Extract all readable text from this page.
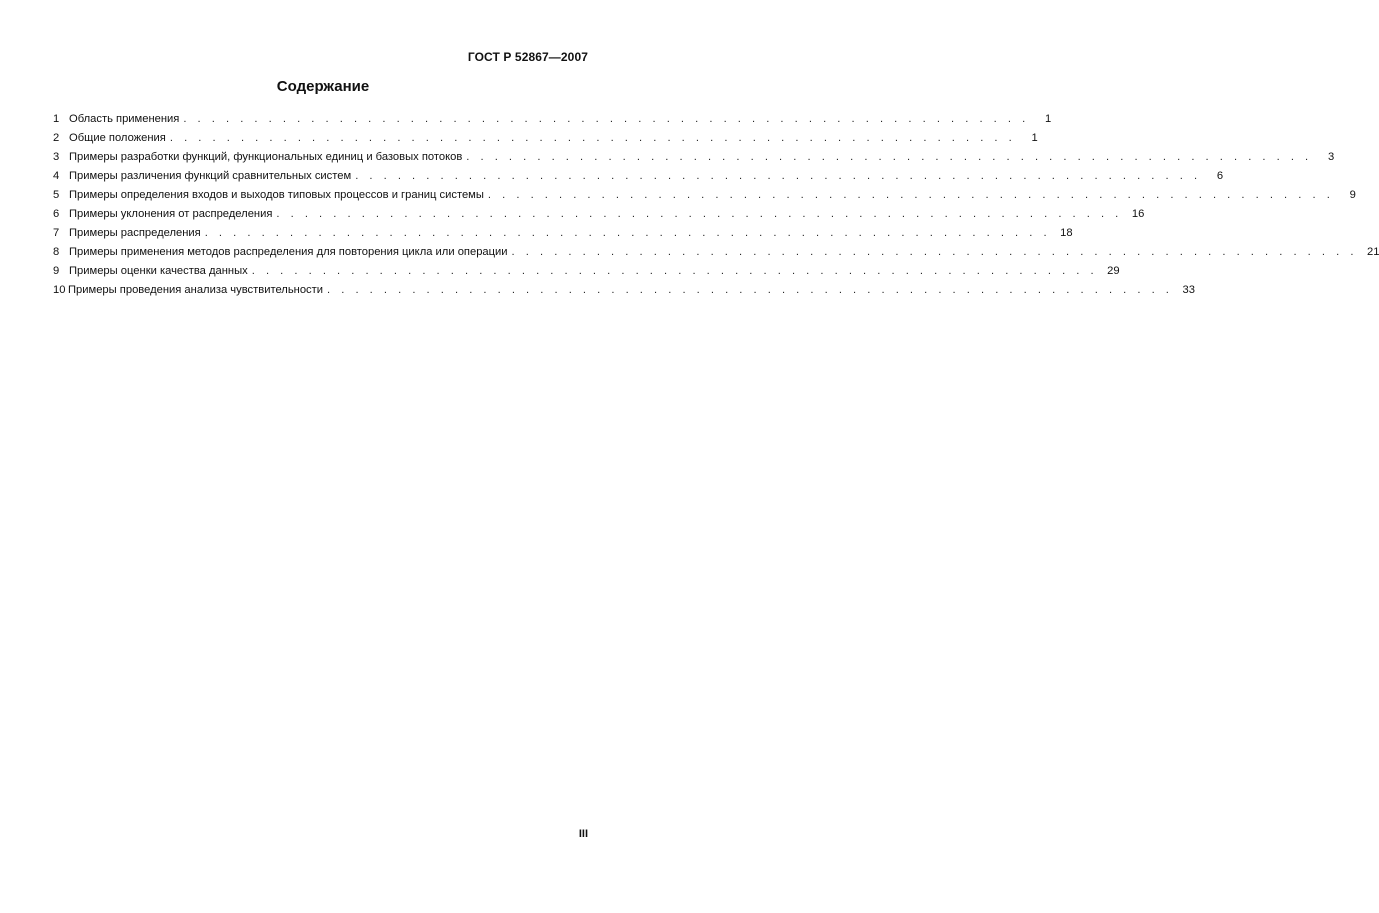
ГОСТ Р 52867—2007
Содержание
1 Область применения . . . . . . . . . . . . . . . . . . . . . . . . . . . . . . . . . . . . . . . . . . . . . . . . . . . . . . . . . . . .	1
2 Общие положения . . . . . . . . . . . . . . . . . . . . . . . . . . . . . . . . . . . . . . . . . . . . . . . . . . . . . . . . . . . .	1
3 Примеры разработки функций, функциональных единиц и базовых потоков . . . . . . . . . . . . . . . . . . . . . . . . . . . . . . . . . . . . . . . . . . . . . . . . . . . . . . . . . . . .	3
4 Примеры различения функций сравнительных систем . . . . . . . . . . . . . . . . . . . . . . . . . . . . . . . . . . . . . . . . . . . . . . . . . . . . . . . . . . . .	6
5 Примеры определения входов и выходов типовых процессов и границ системы . . . . . . . . . . . . . . . . . . . . . . . . . . . . . . . . . . . . . . . . . . . . . . . . . . . . . . . . . . . .	9
6 Примеры уклонения от распределения . . . . . . . . . . . . . . . . . . . . . . . . . . . . . . . . . . . . . . . . . . . . . . . . . . . . . . . . . . . . 16
7 Примеры распределения . . . . . . . . . . . . . . . . . . . . . . . . . . . . . . . . . . . . . . . . . . . . . . . . . . . . . . . . . . . . 18
8 Примеры применения методов распределения для повторения цикла или операции . . . . . . . . . . . . . . . . . . . . . . . . . . . . . . . . . . . . . . . . . . . . . . . . . . . . . . . . . . . . 21
9 Примеры оценки качества данных . . . . . . . . . . . . . . . . . . . . . . . . . . . . . . . . . . . . . . . . . . . . . . . . . . . . . . . . . . . . 29
10 Примеры проведения анализа чувствительности . . . . . . . . . . . . . . . . . . . . . . . . . . . . . . . . . . . . . . . . . . . . . . . . . . . . . . . . . . . . 33
III
